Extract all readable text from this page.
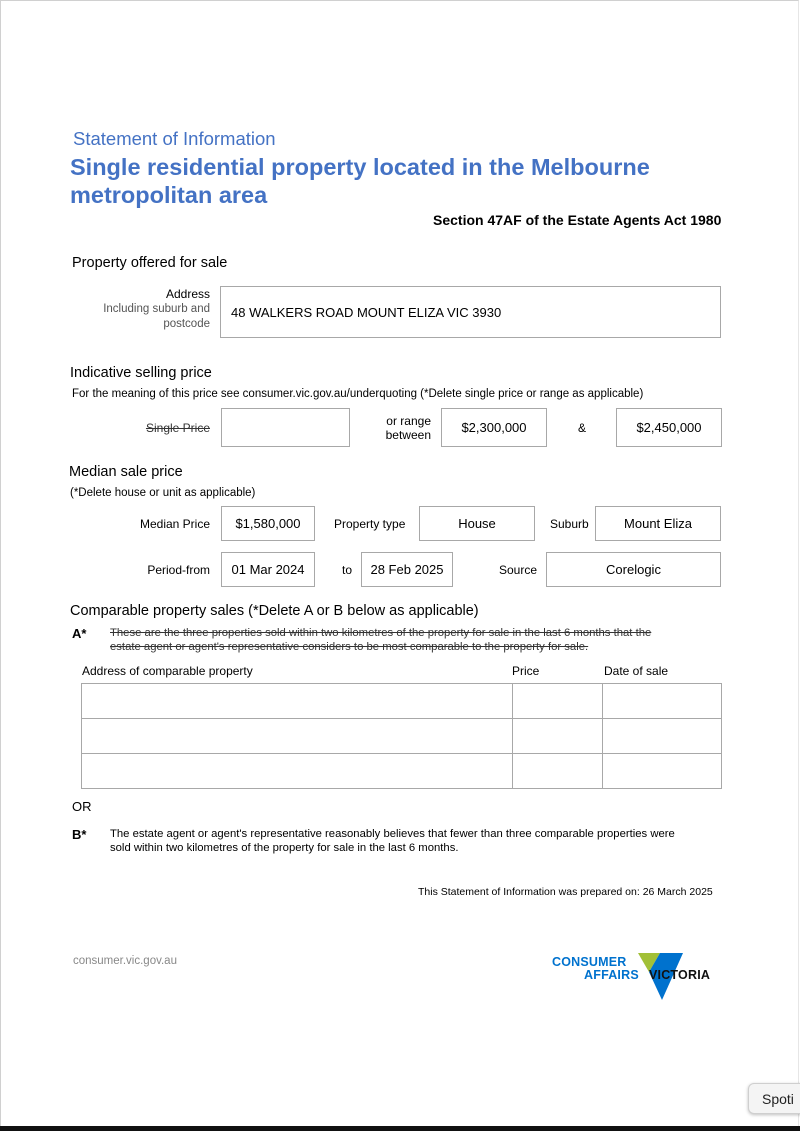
Statement of Information
Single residential property located in the Melbourne
metropolitan area
Section 47AF of the Estate Agents Act 1980
Property offered for sale
Address
Including suburb and
postcode
48 WALKERS ROAD MOUNT ELIZA VIC 3930
Indicative selling price
For the meaning of this price see consumer.vic.gov.au/underquoting (*Delete single price or range as applicable)
Single Price	or range
between $2,300,000	&	$2,450,000
Median sale price
(*Delete house or unit as applicable)
Median Price $1,580,000	Property type	House	Suburb	Mount Eliza
Period-from 01 Mar 2024	to 28 Feb 2025	Source	Corelogic
Comparable property sales (*Delete A or B below as applicable)
A* These are the three properties sold within two kilometres of the property for sale in the last 6 months that the
estate agent or agent's representative considers to be most comparable to the property for sale.
Address of comparable property	Price	Date of sale

OR
B* The estate agent or agent's representative reasonably believes that fewer than three comparable properties were
sold within two kilometres of the property for sale in the last 6 months.
This Statement of Information was prepared on: 26 March 2025
consumer.vic.gov.au	CONSUMER
AFFAIRS VICTORIA
Spoti
